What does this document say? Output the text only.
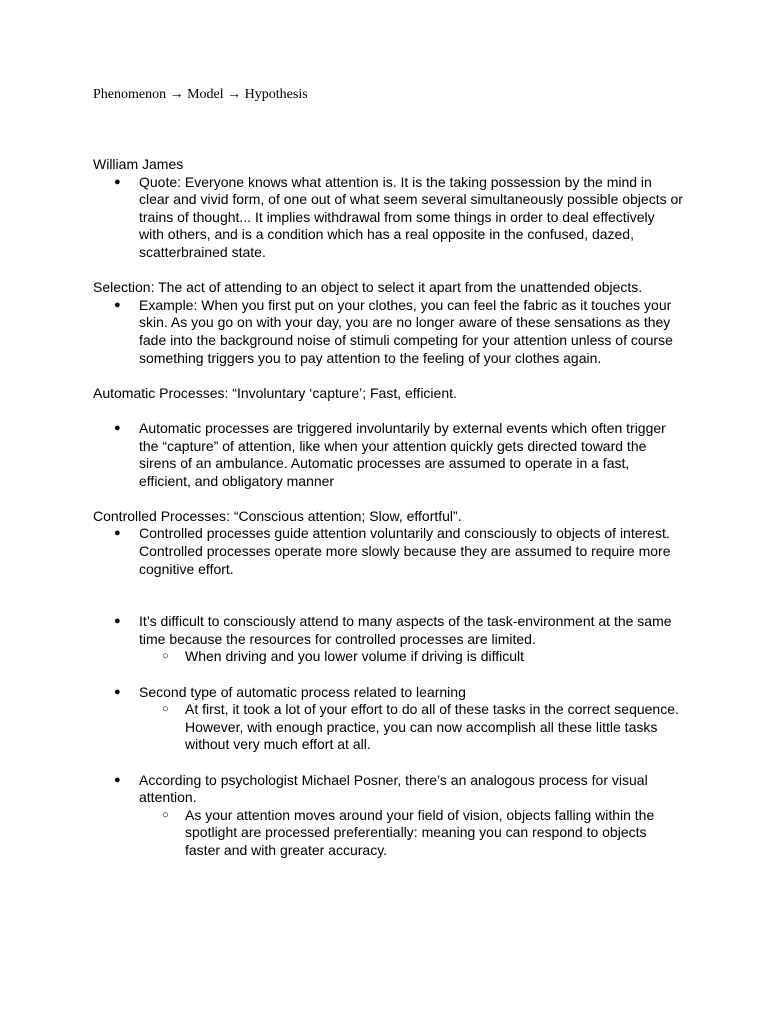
Phenomenon → Model → Hypothesis

William James

● Quote: Everyone knows what attention is. It is the taking possession by the mind in clear and vivid form, of one out of what seem several simultaneously possible objects or trains of thought... It implies withdrawal from some things in order to deal effectively with others, and is a condition which has a real opposite in the confused, dazed, scatterbrained state.

Selection: The act of attending to an object to select it apart from the unattended objects.

● Example: When you first put on your clothes, you can feel the fabric as it touches your skin. As you go on with your day, you are no longer aware of these sensations as they fade into the background noise of stimuli competing for your attention unless of course something triggers you to pay attention to the feeling of your clothes again.

Automatic Processes: “Involuntary ‘capture’; Fast, efficient.

● Automatic processes are triggered involuntarily by external events which often trigger the “capture” of attention, like when your attention quickly gets directed toward the sirens of an ambulance. Automatic processes are assumed to operate in a fast, efficient, and obligatory manner

Controlled Processes: “Conscious attention; Slow, effortful”.

● Controlled processes guide attention voluntarily and consciously to objects of interest. Controlled processes operate more slowly because they are assumed to require more cognitive effort.
● It’s difficult to consciously attend to many aspects of the task-environment at the same time because the resources for controlled processes are limited.
○ When driving and you lower volume if driving is difficult
● Second type of automatic process related to learning
○ At first, it took a lot of your effort to do all of these tasks in the correct sequence. However, with enough practice, you can now accomplish all these little tasks without very much effort at all.
● According to psychologist Michael Posner, there’s an analogous process for visual attention.
○ As your attention moves around your field of vision, objects falling within the spotlight are processed preferentially: meaning you can respond to objects faster and with greater accuracy.
